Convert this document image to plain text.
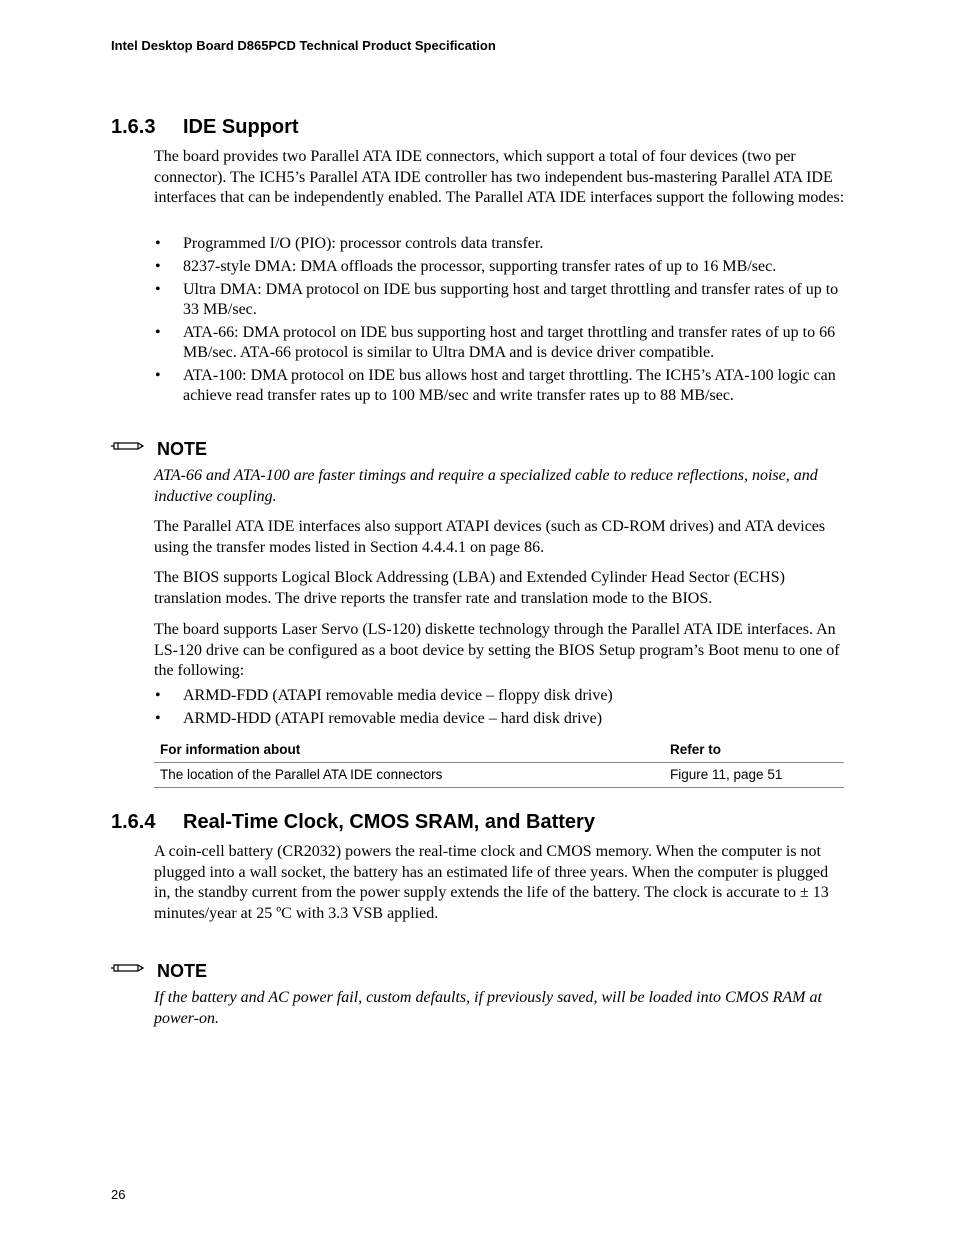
Intel Desktop Board D865PCD Technical Product Specification
1.6.3 IDE Support

The board provides two Parallel ATA IDE connectors, which support a total of four devices (two per connector). The ICH5’s Parallel ATA IDE controller has two independent bus-mastering Parallel ATA IDE interfaces that can be independently enabled. The Parallel ATA IDE interfaces support the following modes:

• Programmed I/O (PIO): processor controls data transfer.
• 8237-style DMA: DMA offloads the processor, supporting transfer rates of up to 16 MB/sec.
• Ultra DMA: DMA protocol on IDE bus supporting host and target throttling and transfer rates of up to 33 MB/sec.
• ATA-66: DMA protocol on IDE bus supporting host and target throttling and transfer rates of up to 66 MB/sec. ATA-66 protocol is similar to Ultra DMA and is device driver compatible.
• ATA-100: DMA protocol on IDE bus allows host and target throttling. The ICH5’s ATA-100 logic can achieve read transfer rates up to 100 MB/sec and write transfer rates up to 88 MB/sec.
NOTE

ATA-66 and ATA-100 are faster timings and require a specialized cable to reduce reflections, noise, and inductive coupling.

The Parallel ATA IDE interfaces also support ATAPI devices (such as CD-ROM drives) and ATA devices using the transfer modes listed in Section 4.4.4.1 on page 86.

The BIOS supports Logical Block Addressing (LBA) and Extended Cylinder Head Sector (ECHS) translation modes. The drive reports the transfer rate and translation mode to the BIOS.

The board supports Laser Servo (LS-120) diskette technology through the Parallel ATA IDE interfaces. An LS-120 drive can be configured as a boot device by setting the BIOS Setup program’s Boot menu to one of the following:

• ARMD-FDD (ATAPI removable media device – floppy disk drive)
• ARMD-HDD (ATAPI removable media device – hard disk drive)
For information about	Refer to
The location of the Parallel ATA IDE connectors	Figure 11, page 51
1.6.4 Real-Time Clock, CMOS SRAM, and Battery

A coin-cell battery (CR2032) powers the real-time clock and CMOS memory. When the computer is not plugged into a wall socket, the battery has an estimated life of three years. When the computer is plugged in, the standby current from the power supply extends the life of the battery. The clock is accurate to ± 13 minutes/year at 25 ºC with 3.3 VSB applied.

NOTE

If the battery and AC power fail, custom defaults, if previously saved, will be loaded into CMOS RAM at power-on.

26
